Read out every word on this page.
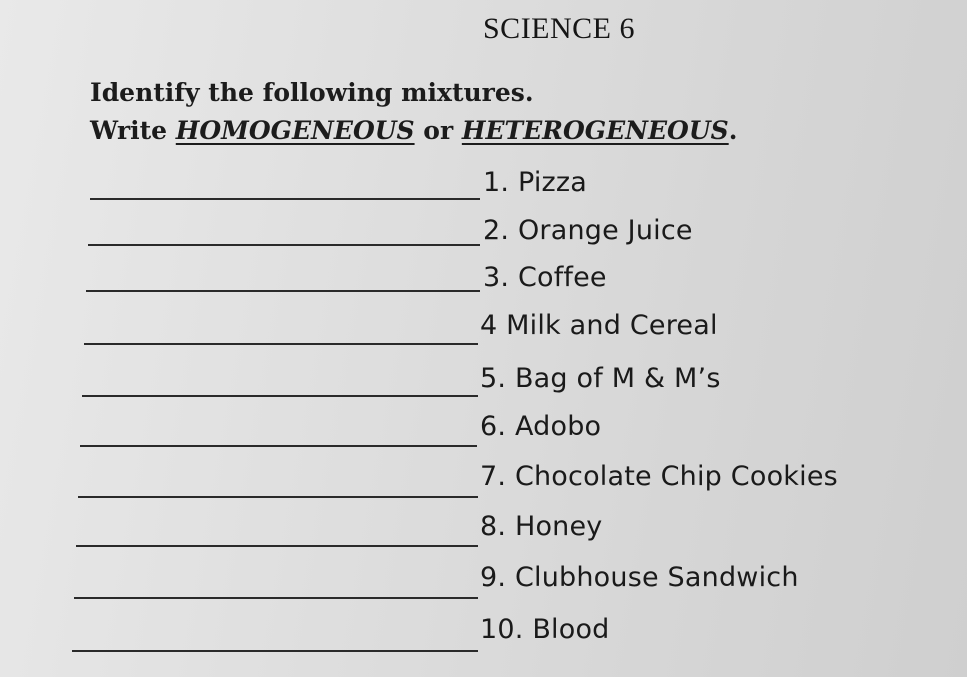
SCIENCE 6
Identify the following mixtures.
Write HOMOGENEOUS or HETEROGENEOUS.
1. Pizza
2. Orange Juice
3. Coffee
4 Milk and Cereal
5. Bag of M & M’s
6. Adobo
7. Chocolate Chip Cookies
8. Honey
9. Clubhouse Sandwich
10. Blood
